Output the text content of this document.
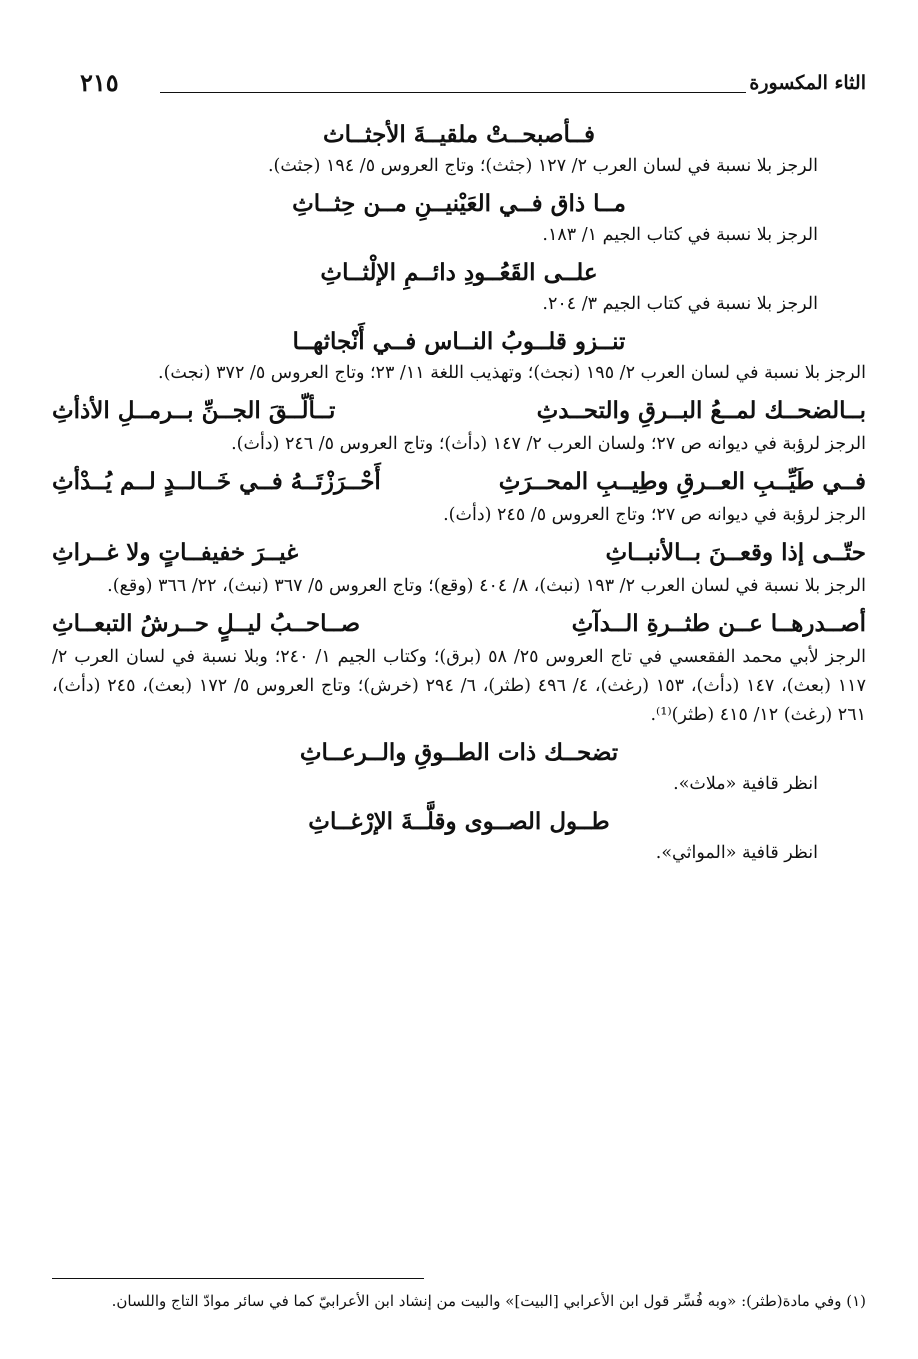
الثاء المكسورة
٢١٥

فــأصبحــتْ ملقيــةَ الأجثــاث

الرجز بلا نسبة في لسان العرب ٢/ ١٢٧ (جثث)؛ وتاج العروس ٥/ ١٩٤ (جثث).

مــا ذاق فــي العَيْنيــنِ مــن حِثــاثِ

الرجز بلا نسبة في كتاب الجيم ١/ ١٨٣.

علــى القَعُــودِ دائــمِ الإلْثــاثِ

الرجز بلا نسبة في كتاب الجيم ٣/ ٢٠٤.

تنــزو قلــوبُ النــاس فــي أَنْجاثهــا

الرجز بلا نسبة في لسان العرب ٢/ ١٩٥ (نجث)؛ وتهذيب اللغة ١١/ ٢٣؛ وتاج العروس ٥/ ٣٧٢ (نجث).

بــالضحــك لمــعُ البــرقِ والتحــدثِ
تــألّــقَ الجــنِّ بــرمــلِ الأذأثِ

الرجز لرؤبة في ديوانه ص ٢٧؛ ولسان العرب ٢/ ١٤٧ (دأث)؛ وتاج العروس ٥/ ٢٤٦ (دأث).

فــي طَيِّــبِ العــرقِ وطِيــبِ المحــرَثِ
أَحْــرَزْتَــهُ فــي خَــالــدٍ لــم يُــدْأثِ

الرجز لرؤبة في ديوانه ص ٢٧؛ وتاج العروس ٥/ ٢٤٥ (دأث).

حتّــى إذا وقعــنَ بــالأنبــاثِ
غيــرَ خفيفــاتٍ ولا غــراثِ

الرجز بلا نسبة في لسان العرب ٢/ ١٩٣ (نبث)، ٨/ ٤٠٤ (وقع)؛ وتاج العروس ٥/ ٣٦٧ (نبث)، ٢٢/ ٣٦٦ (وقع).

أصــدرهــا عــن طثــرةِ الــدآثِ
صــاحــبُ ليــلٍ حــرشُ التبعــاثِ

الرجز لأبي محمد الفقعسي في تاج العروس ٢٥/ ٥٨ (برق)؛ وكتاب الجيم ١/ ٢٤٠؛ وبلا نسبة في لسان العرب ٢/ ١١٧ (بعث)، ١٤٧ (دأث)، ١٥٣ (رغث)، ٤/ ٤٩٦ (طثر)، ٦/ ٢٩٤ (خرش)؛ وتاج العروس ٥/ ١٧٢ (بعث)، ٢٤٥ (دأث)، ٢٦١ (رغث) ١٢/ ٤١٥ (طثر)⁽¹⁾.

تضحــك ذات الطــوقِ والــرعــاثِ

انظر قافية «ملاث».

طــول الصــوى وقلَّــةَ الإرْغــاثِ

انظر قافية «المواثي».

(١) وفي مادة(طثر): «وبه فُسِّر قول ابن الأعرابي [البيت]» والبيت من إنشاد ابن الأعرابيّ كما في سائر موادّ التاج واللسان.
